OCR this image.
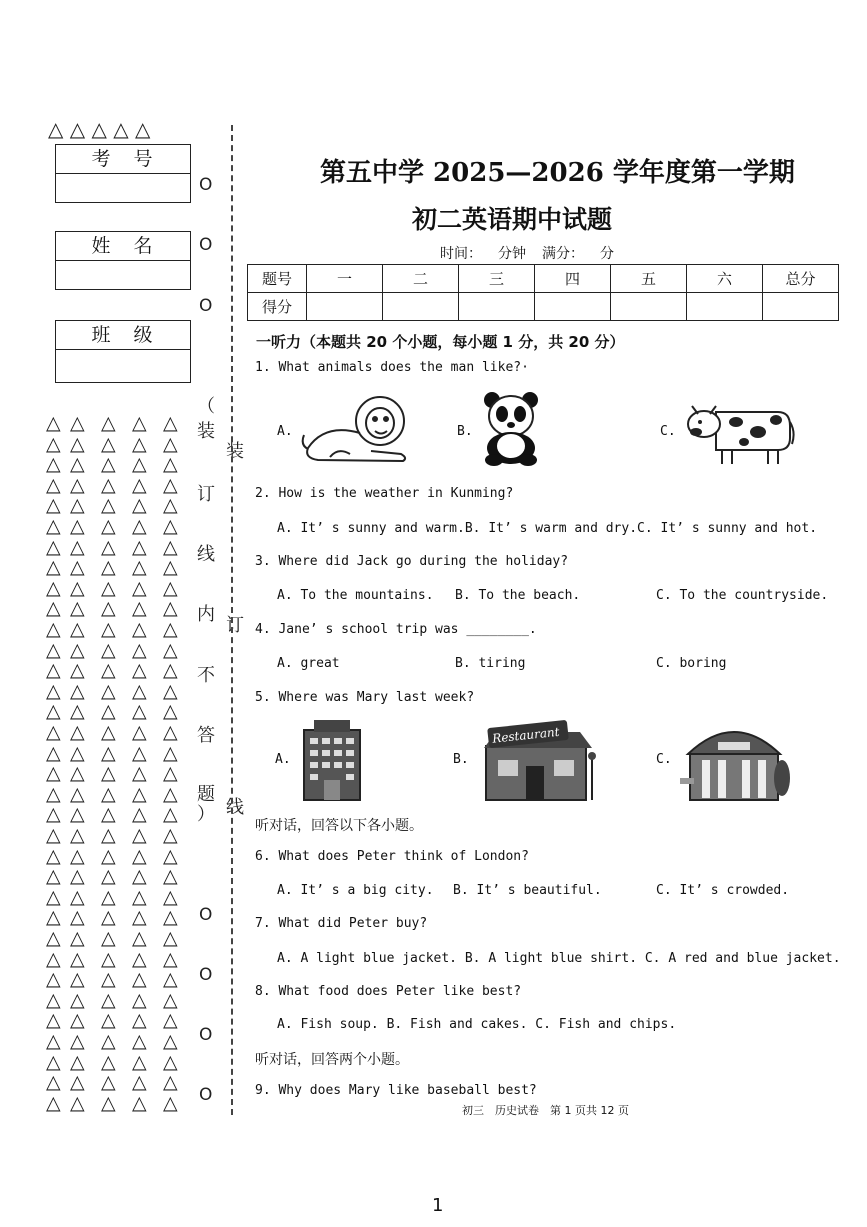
△ △ △ △ △
考　号
姓　名
班　级
O
O
O
O
O
O
O
△
△
△
△
△
△
△
△
△
△
△
△
△
△
△
△
△
△
△
△
△
△
△
△
△
△
△
△
△
△
△
△
△
△
△
△
△
△
△
△
△
△
△
△
△
△
△
△
△
△
△
△
△
△
△
△
△
△
△
△
△
△
△
△
△
△
△
△
△
△
△
△
△
△
△
△
△
△
△
△
△
△
△
△
△
△
△
△
△
△
△
△
△
△
△
△
△
△
△
△
△
△
△
△
△
△
△
△
△
△
△
△
△
△
△
△
△
△
△
△
△
△
△
△
△
△
△
△
△
△
△
△
△
△
△
△
△
△
△
△
△
△
△
△
△
△
△
△
△
△
△
△
△
△
△
△
△
△
△
△
△
△
△
△
△
△
△
△
△
△
（
装
订
线
内
不
答
题
）
装
订
线
第五中学 2025—2026 学年度第一学期
初二英语期中试题
时间： 分钟 满分： 分
题号	一	二	三	四	五	六	总分
得分							
一听力（本题共 20 个小题，每小题 1 分，共 20 分）
1. What animals does the man like?·
A.	B.	C.
2. How is the weather in Kunming?
A. It’ s sunny and warm.B. It’ s warm and dry.C. It’ s sunny and hot.
3. Where did Jack go during the holiday?
A. To the mountains. B. To the beach.	C. To the countryside.
4. Jane’ s school trip was ________.
A. great	B. tiring	C. boring
5. Where was Mary last week?
A.	B.
Restaurant
C.
听对话，回答以下各小题。
6. What does Peter think of London?
A. It’ s a big city. B. It’ s beautiful.	C. It’ s crowded.
7. What did Peter buy?
A. A light blue jacket. B. A light blue shirt. C. A red and blue jacket.
8. What food does Peter like best?
A. Fish soup. B. Fish and cakes. C. Fish and chips.
听对话，回答两个小题。
9. Why does Mary like baseball best?
初三　历史试卷　第 1 页共 12 页
1
